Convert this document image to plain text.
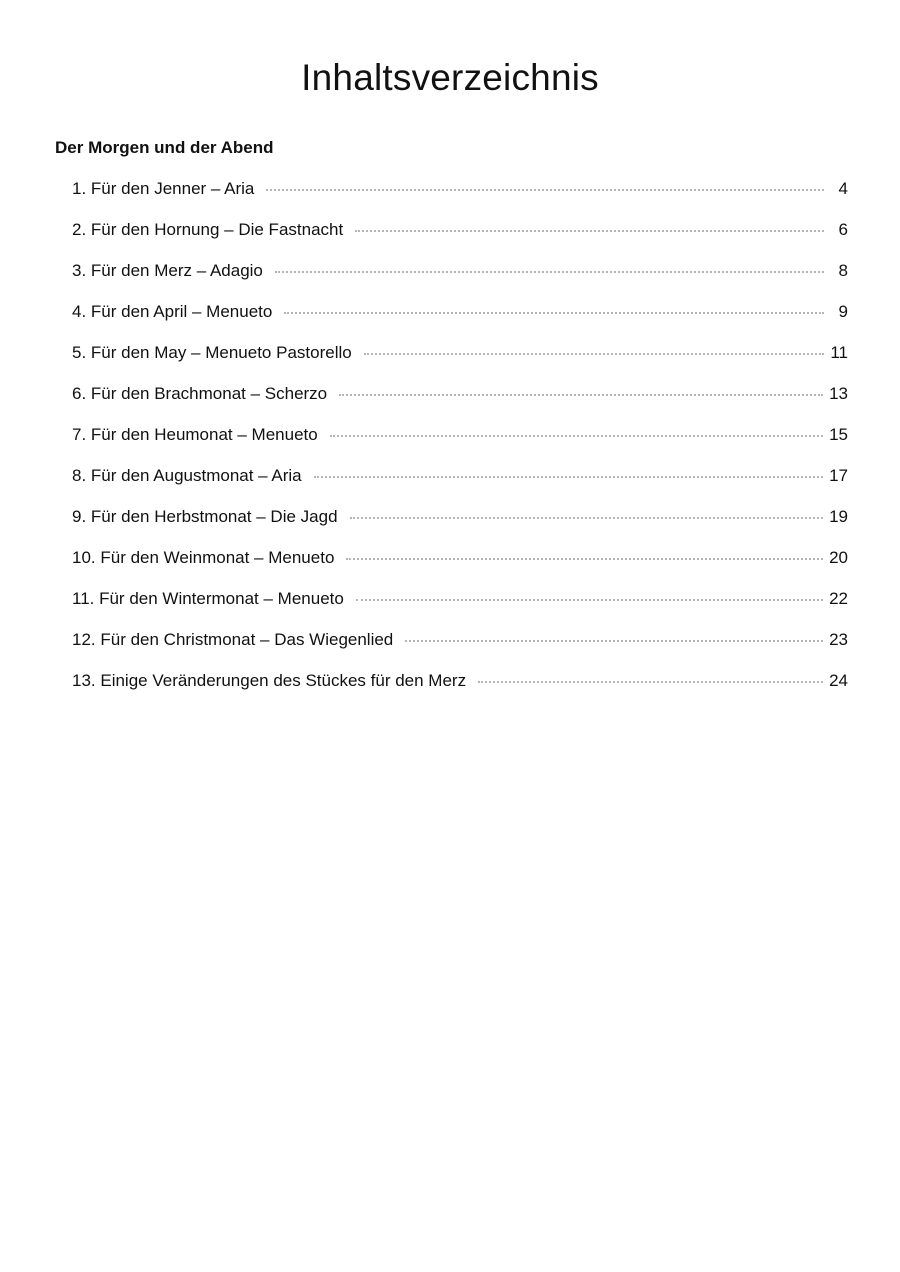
Inhaltsverzeichnis
Der Morgen und der Abend
1. Für den Jenner – Aria	4
2. Für den Hornung – Die Fastnacht	6
3. Für den Merz – Adagio	8
4. Für den April – Menueto	9
5. Für den May – Menueto Pastorello	11
6. Für den Brachmonat – Scherzo	13
7. Für den Heumonat – Menueto	15
8. Für den Augustmonat – Aria	17
9. Für den Herbstmonat – Die Jagd	19
10. Für den Weinmonat – Menueto	20
11. Für den Wintermonat – Menueto	22
12. Für den Christmonat – Das Wiegenlied	23
13. Einige Veränderungen des Stückes für den Merz	24
